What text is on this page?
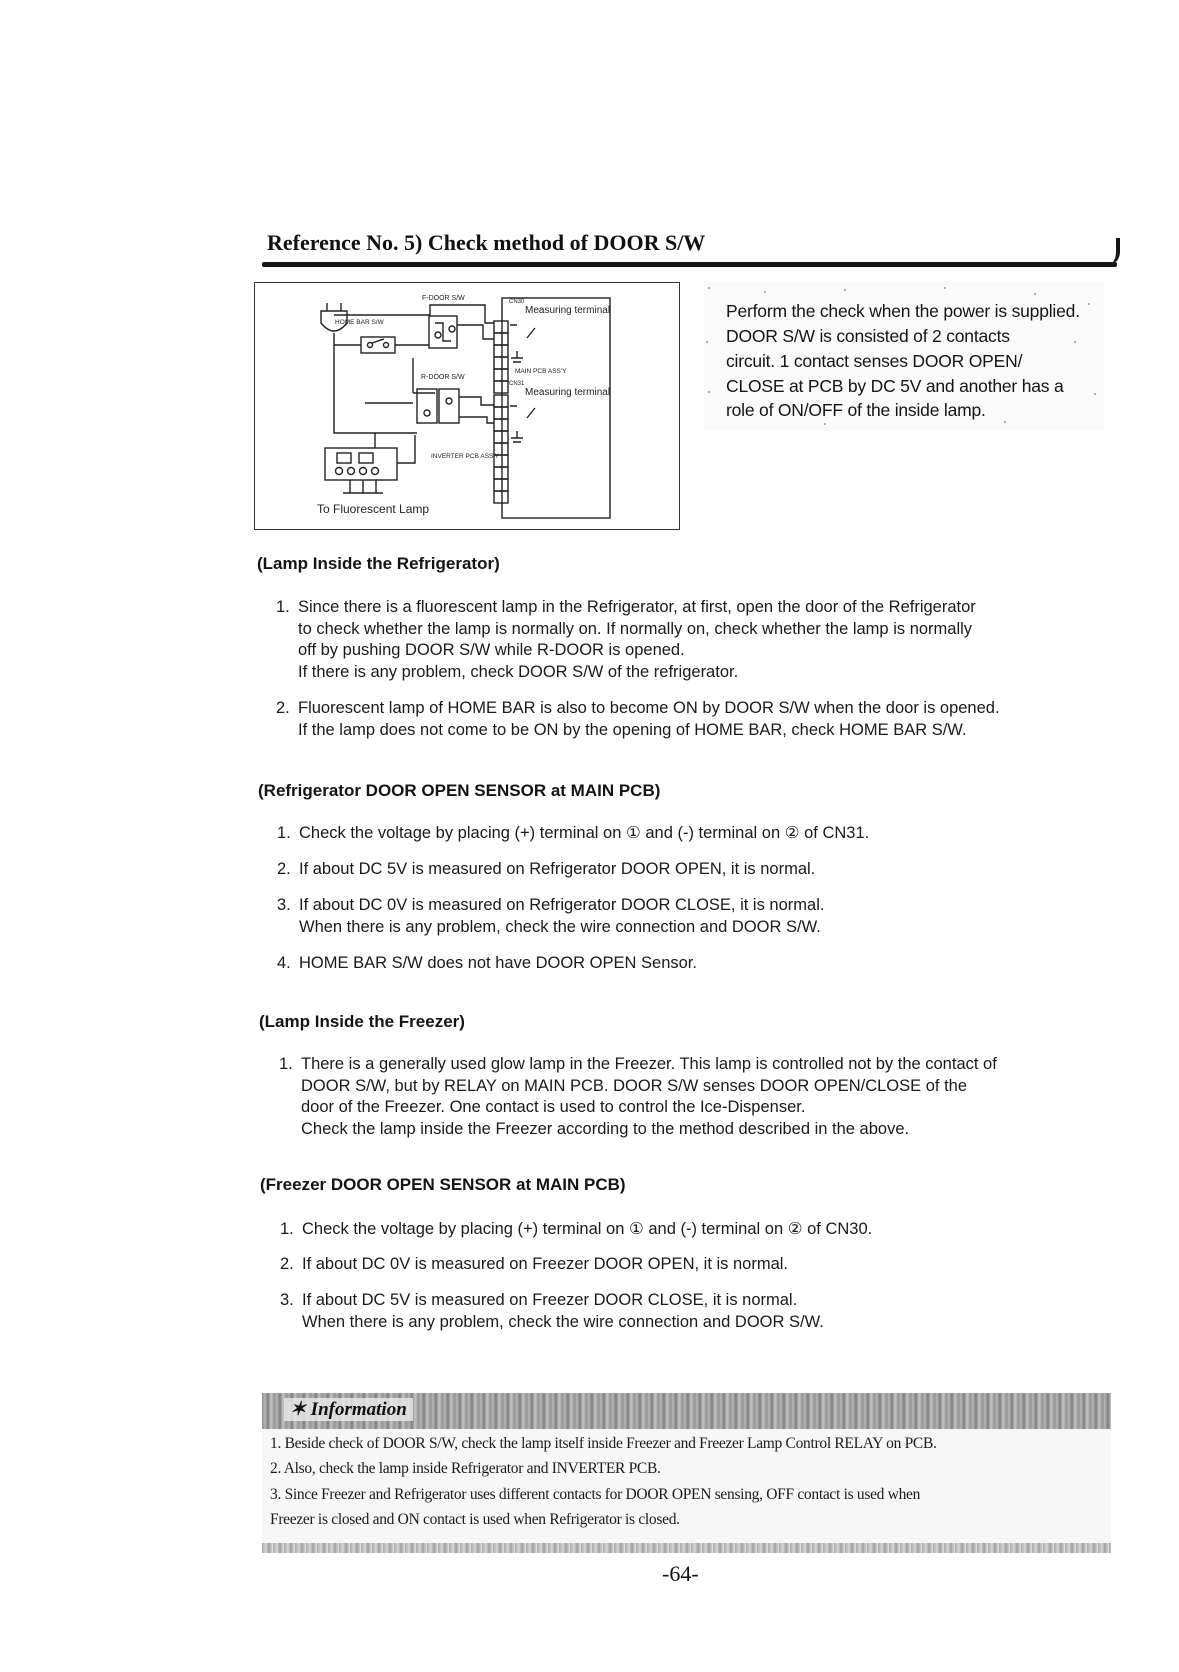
Reference No. 5) Check method of DOOR S/W
F-DOOR S/W
HOME BAR S/W
R-DOOR S/W
CN30
CN31
MAIN PCB ASS'Y
INVERTER PCB ASS'Y
Measuring terminal
Measuring terminal
To Fluorescent Lamp
Perform the check when the power is supplied.
DOOR S/W is consisted of 2 contacts
circuit. 1 contact senses DOOR OPEN/
CLOSE at PCB by DC 5V and another has a
role of ON/OFF of the inside lamp.
(Lamp Inside the Refrigerator)
1. Since there is a fluorescent lamp in the Refrigerator, at first, open the door of the Refrigerator
to check whether the lamp is normally on. If normally on, check whether the lamp is normally
off by pushing DOOR S/W while R-DOOR is opened.
If there is any problem, check DOOR S/W of the refrigerator.
2. Fluorescent lamp of HOME BAR is also to become ON by DOOR S/W when the door is opened.
If the lamp does not come to be ON by the opening of HOME BAR, check HOME BAR S/W.
(Refrigerator DOOR OPEN SENSOR at MAIN PCB)
1. Check the voltage by placing (+) terminal on ① and (-) terminal on ② of CN31.
2. If about DC 5V is measured on Refrigerator DOOR OPEN, it is normal.
3. If about DC 0V is measured on Refrigerator DOOR CLOSE, it is normal.
When there is any problem, check the wire connection and DOOR S/W.
4. HOME BAR S/W does not have DOOR OPEN Sensor.
(Lamp Inside the Freezer)
1. There is a generally used glow lamp in the Freezer. This lamp is controlled not by the contact of
DOOR S/W, but by RELAY on MAIN PCB. DOOR S/W senses DOOR OPEN/CLOSE of the
door of the Freezer. One contact is used to control the Ice-Dispenser.
Check the lamp inside the Freezer according to the method described in the above.
(Freezer DOOR OPEN SENSOR at MAIN PCB)
1. Check the voltage by placing (+) terminal on ① and (-) terminal on ② of CN30.
2. If about DC 0V is measured on Freezer DOOR OPEN, it is normal.
3. If about DC 5V is measured on Freezer DOOR CLOSE, it is normal.
When there is any problem, check the wire connection and DOOR S/W.
✶ Information
1. Beside check of DOOR S/W, check the lamp itself inside Freezer and Freezer Lamp Control RELAY on PCB.
2. Also, check the lamp inside Refrigerator and INVERTER PCB.
3. Since Freezer and Refrigerator uses different contacts for DOOR OPEN sensing, OFF contact is used when
Freezer is closed and ON contact is used when Refrigerator is closed.
-64-
